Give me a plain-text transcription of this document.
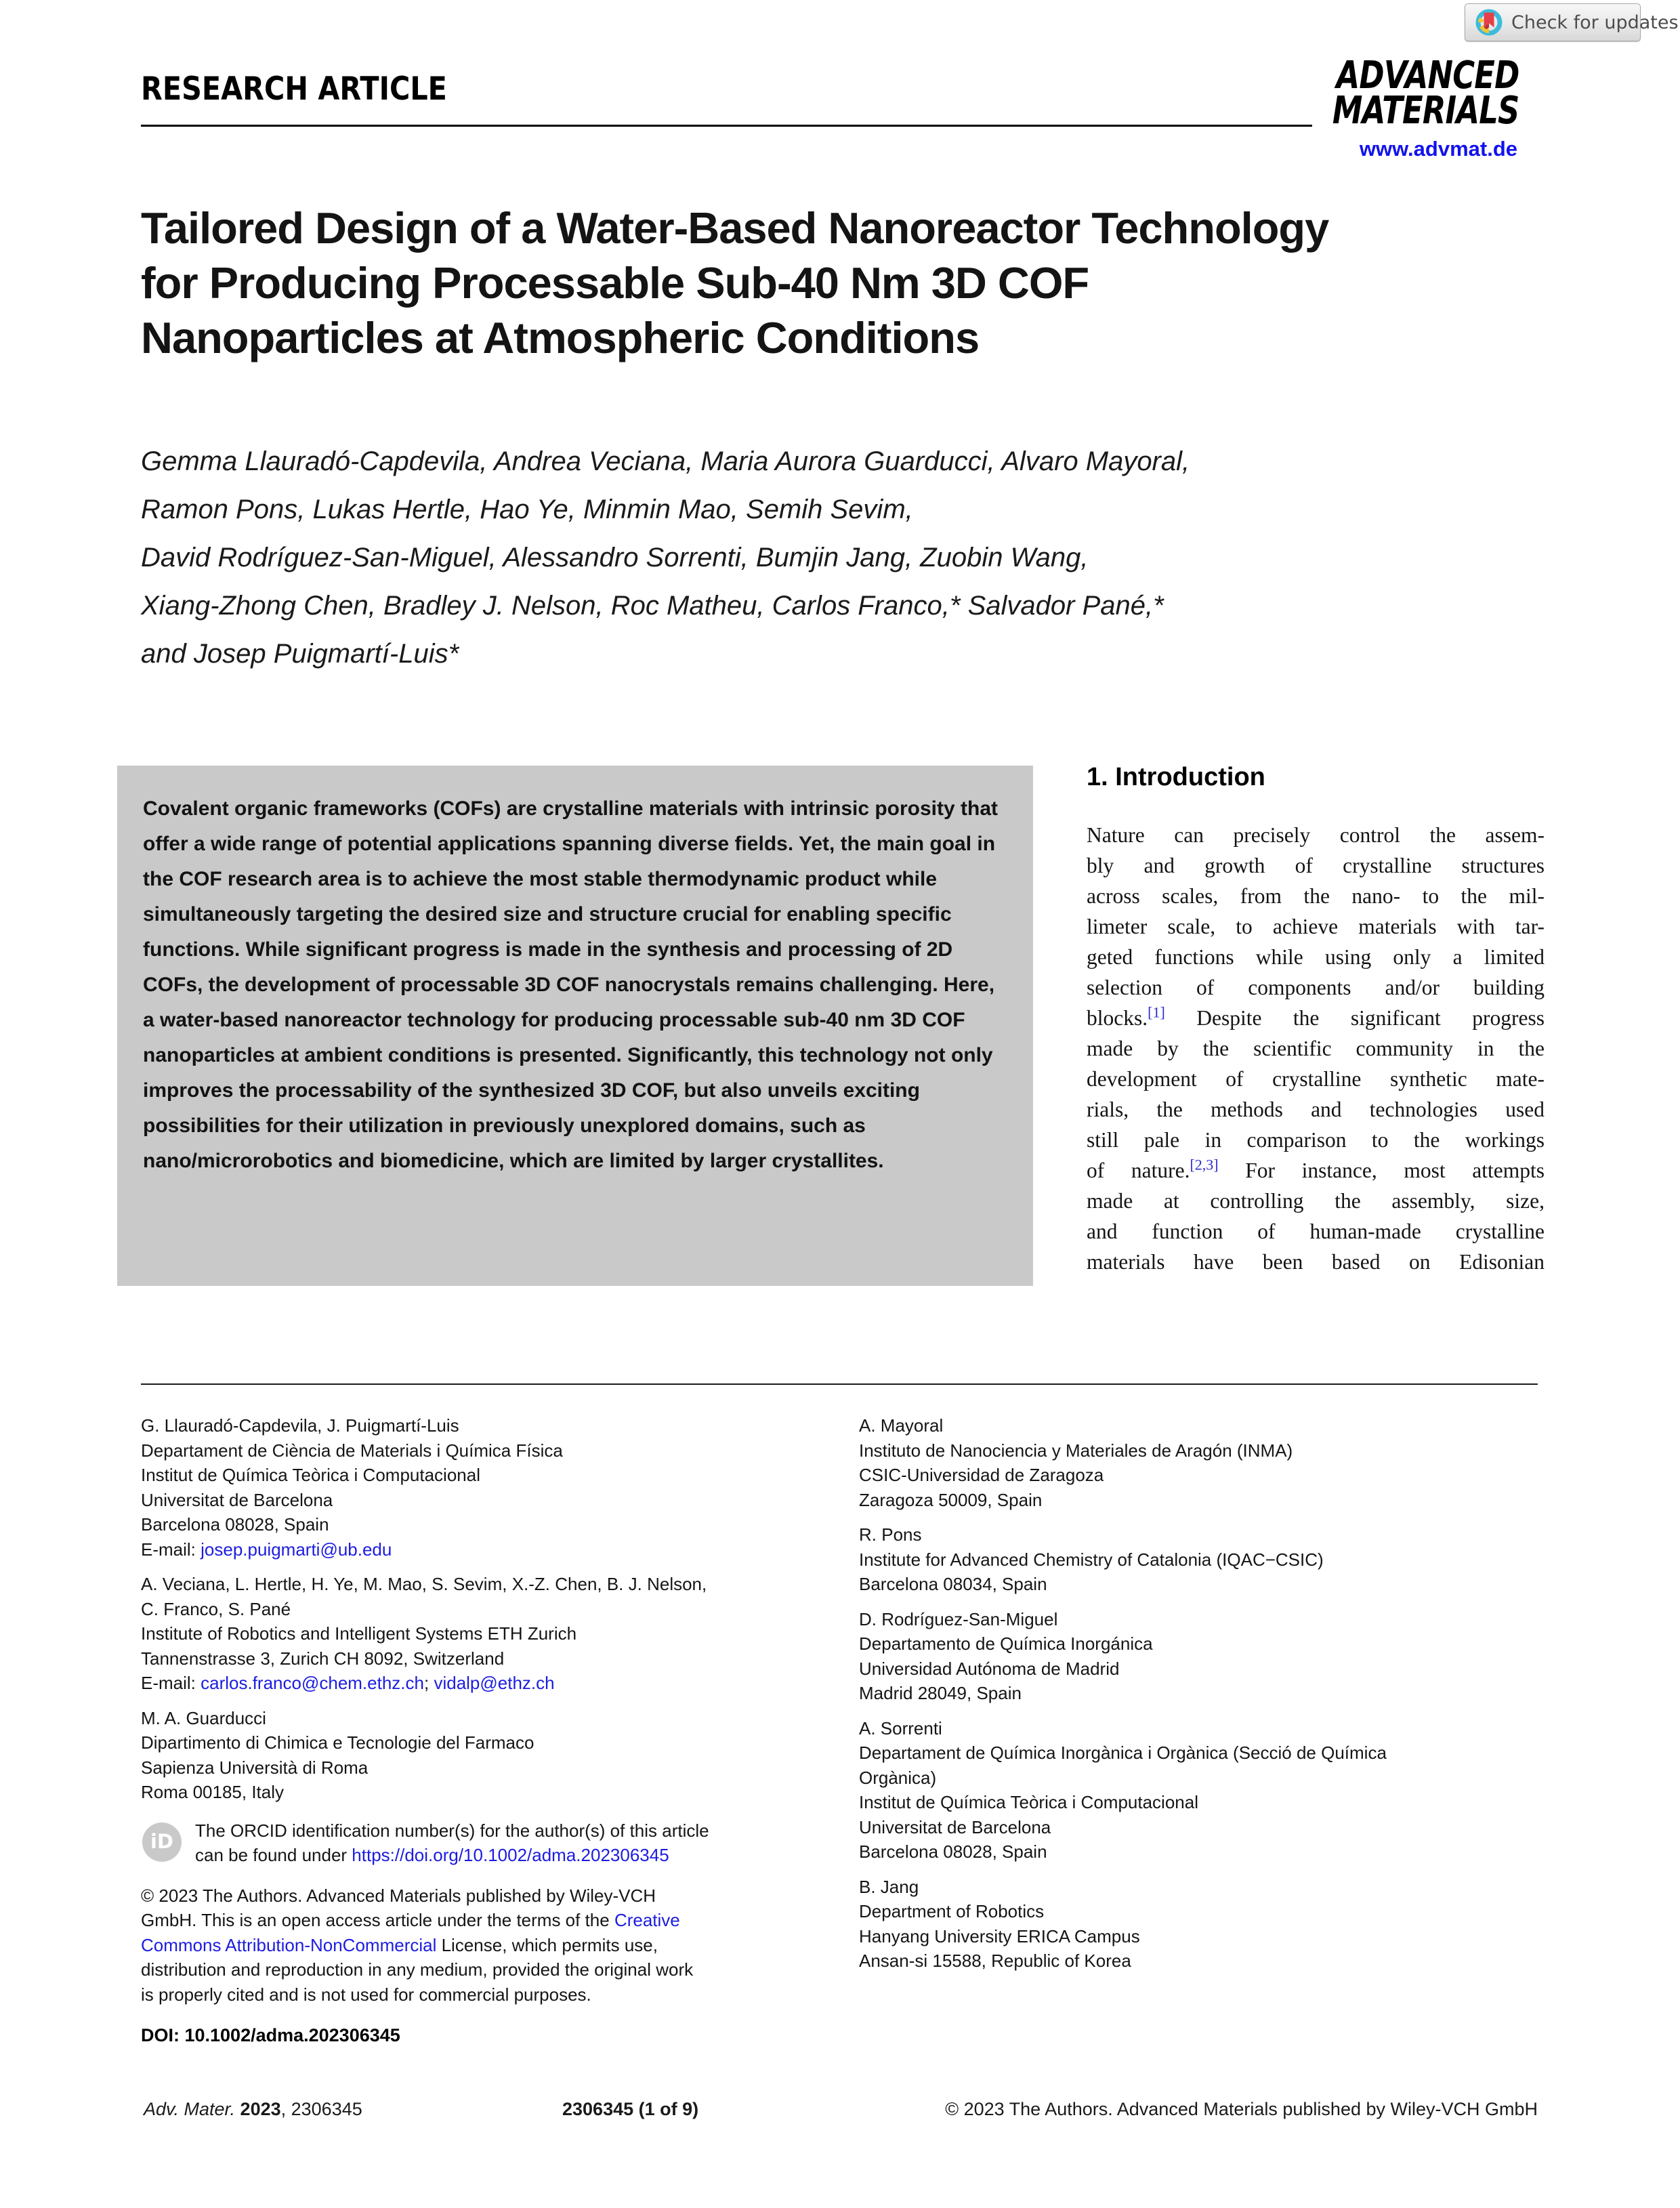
Check for updates
RESEARCH ARTICLE	ADVANCED
MATERIALS
www.advmat.de
Tailored Design of a Water-Based Nanoreactor Technology
for Producing Processable Sub-40 Nm 3D COF
Nanoparticles at Atmospheric Conditions
Gemma Llauradó-Capdevila, Andrea Veciana, Maria Aurora Guarducci, Alvaro Mayoral,
Ramon Pons, Lukas Hertle, Hao Ye, Minmin Mao, Semih Sevim,
David Rodríguez-San-Miguel, Alessandro Sorrenti, Bumjin Jang, Zuobin Wang,
Xiang-Zhong Chen, Bradley J. Nelson, Roc Matheu, Carlos Franco,* Salvador Pané,*
and Josep Puigmartí-Luis*

Covalent organic frameworks (COFs) are crystalline materials with intrinsic porosity that offer a wide range of potential applications spanning diverse fields. Yet, the main goal in the COF research area is to achieve the most stable thermodynamic product while simultaneously targeting the desired size and structure crucial for enabling specific functions. While significant progress is made in the synthesis and processing of 2D COFs, the development of processable 3D COF nanocrystals remains challenging. Here, a water-based nanoreactor technology for producing processable sub-40 nm 3D COF nanoparticles at ambient conditions is presented. Significantly, this technology not only improves the processability of the synthesized 3D COF, but also unveils exciting possibilities for their utilization in previously unexplored domains, such as nano/microrobotics and biomedicine, which are limited by larger crystallites.

1. Introduction
Nature can precisely control the assem-
bly and growth of crystalline structures
across scales, from the nano- to the mil-
limeter scale, to achieve materials with tar-
geted functions while using only a limited
selection of components and/or building
blocks.[1] Despite the significant progress
made by the scientific community in the
development of crystalline synthetic mate-
rials, the methods and technologies used
still pale in comparison to the workings
of nature.[2,3] For instance, most attempts
made at controlling the assembly, size,
and function of human-made crystalline
materials have been based on Edisonian
G. Llauradó-Capdevila, J. Puigmartí-Luis
Departament de Ciència de Materials i Química Física
Institut de Química Teòrica i Computacional
Universitat de Barcelona
Barcelona 08028, Spain
E-mail: josep.puigmarti@ub.edu
A. Veciana, L. Hertle, H. Ye, M. Mao, S. Sevim, X.-Z. Chen, B. J. Nelson,
C. Franco, S. Pané
Institute of Robotics and Intelligent Systems ETH Zurich
Tannenstrasse 3, Zurich CH 8092, Switzerland
E-mail: carlos.franco@chem.ethz.ch; vidalp@ethz.ch
M. A. Guarducci
Dipartimento di Chimica e Tecnologie del Farmaco
Sapienza Università di Roma
Roma 00185, Italy
iD	The ORCID identification number(s) for the author(s) of this article
can be found under https://doi.org/10.1002/adma.202306345
© 2023 The Authors. Advanced Materials published by Wiley-VCH
GmbH. This is an open access article under the terms of the Creative
Commons Attribution-NonCommercial License, which permits use,
distribution and reproduction in any medium, provided the original work
is properly cited and is not used for commercial purposes.
DOI: 10.1002/adma.202306345
A. Mayoral
Instituto de Nanociencia y Materiales de Aragón (INMA)
CSIC-Universidad de Zaragoza
Zaragoza 50009, Spain
R. Pons
Institute for Advanced Chemistry of Catalonia (IQAC−CSIC)
Barcelona 08034, Spain
D. Rodríguez-San-Miguel
Departamento de Química Inorgánica
Universidad Autónoma de Madrid
Madrid 28049, Spain
A. Sorrenti
Departament de Química Inorgànica i Orgànica (Secció de Química
Orgànica)
Institut de Química Teòrica i Computacional
Universitat de Barcelona
Barcelona 08028, Spain
B. Jang
Department of Robotics
Hanyang University ERICA Campus
Ansan-si 15588, Republic of Korea
Adv. Mater. 2023, 2306345	2306345 (1 of 9)	© 2023 The Authors. Advanced Materials published by Wiley-VCH GmbH
